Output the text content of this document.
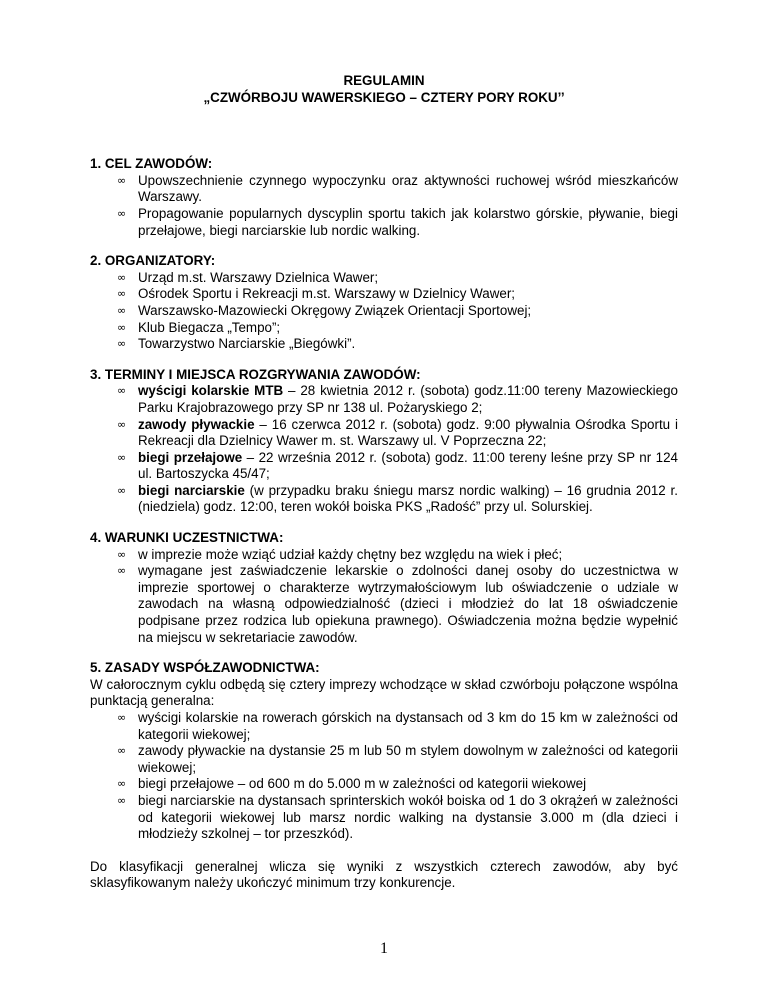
REGULAMIN
„CZWÓRBOJU WAWERSKIEGO – CZTERY PORY ROKU’’
1. CEL ZAWODÓW:
∞ Upowszechnienie czynnego wypoczynku oraz aktywności ruchowej wśród mieszkańców Warszawy.
∞ Propagowanie popularnych dyscyplin sportu takich jak kolarstwo górskie, pływanie, biegi przełajowe, biegi narciarskie lub nordic walking.
2. ORGANIZATORY:
∞ Urząd m.st. Warszawy Dzielnica Wawer;
∞ Ośrodek Sportu i Rekreacji m.st. Warszawy w Dzielnicy Wawer;
∞ Warszawsko-Mazowiecki Okręgowy Związek Orientacji Sportowej;
∞ Klub Biegacza „Tempo”;
∞ Towarzystwo Narciarskie „Biegówki”.
3. TERMINY I MIEJSCA ROZGRYWANIA ZAWODÓW:
∞ wyścigi kolarskie MTB – 28 kwietnia 2012 r. (sobota) godz.11:00 tereny Mazowieckiego Parku Krajobrazowego przy SP nr 138 ul. Pożaryskiego 2;
∞ zawody pływackie – 16 czerwca 2012 r. (sobota) godz. 9:00 pływalnia Ośrodka Sportu i Rekreacji dla Dzielnicy Wawer m. st. Warszawy ul. V Poprzeczna 22;
∞ biegi przełajowe – 22 września 2012 r. (sobota) godz. 11:00 tereny leśne przy SP nr 124 ul. Bartoszycka 45/47;
∞ biegi narciarskie (w przypadku braku śniegu marsz nordic walking) – 16 grudnia 2012 r. (niedziela) godz. 12:00, teren wokół boiska PKS „Radość” przy ul. Solurskiej.
4. WARUNKI UCZESTNICTWA:
∞ w imprezie może wziąć udział każdy chętny bez względu na wiek i płeć;
∞ wymagane jest zaświadczenie lekarskie o zdolności danej osoby do uczestnictwa w imprezie sportowej o charakterze wytrzymałościowym lub oświadczenie o udziale w zawodach na własną odpowiedzialność (dzieci i młodzież do lat 18 oświadczenie podpisane przez rodzica lub opiekuna prawnego). Oświadczenia można będzie wypełnić na miejscu w sekretariacie zawodów.
5. ZASADY WSPÓŁZAWODNICTWA:

W całorocznym cyklu odbędą się cztery imprezy wchodzące w skład czwórboju połączone wspólna punktacją generalna:

∞ wyścigi kolarskie na rowerach górskich na dystansach od 3 km do 15 km w zależności od kategorii wiekowej;
∞ zawody pływackie na dystansie 25 m lub 50 m stylem dowolnym w zależności od kategorii wiekowej;
∞ biegi przełajowe – od 600 m do 5.000 m w zależności od kategorii wiekowej
∞ biegi narciarskie na dystansach sprinterskich wokół boiska od 1 do 3 okrążeń w zależności od kategorii wiekowej lub marsz nordic walking na dystansie 3.000 m (dla dzieci i młodzieży szkolnej – tor przeszkód).

Do klasyfikacji generalnej wlicza się wyniki z wszystkich czterech zawodów, aby być sklasyfikowanym należy ukończyć minimum trzy konkurencje.

1
